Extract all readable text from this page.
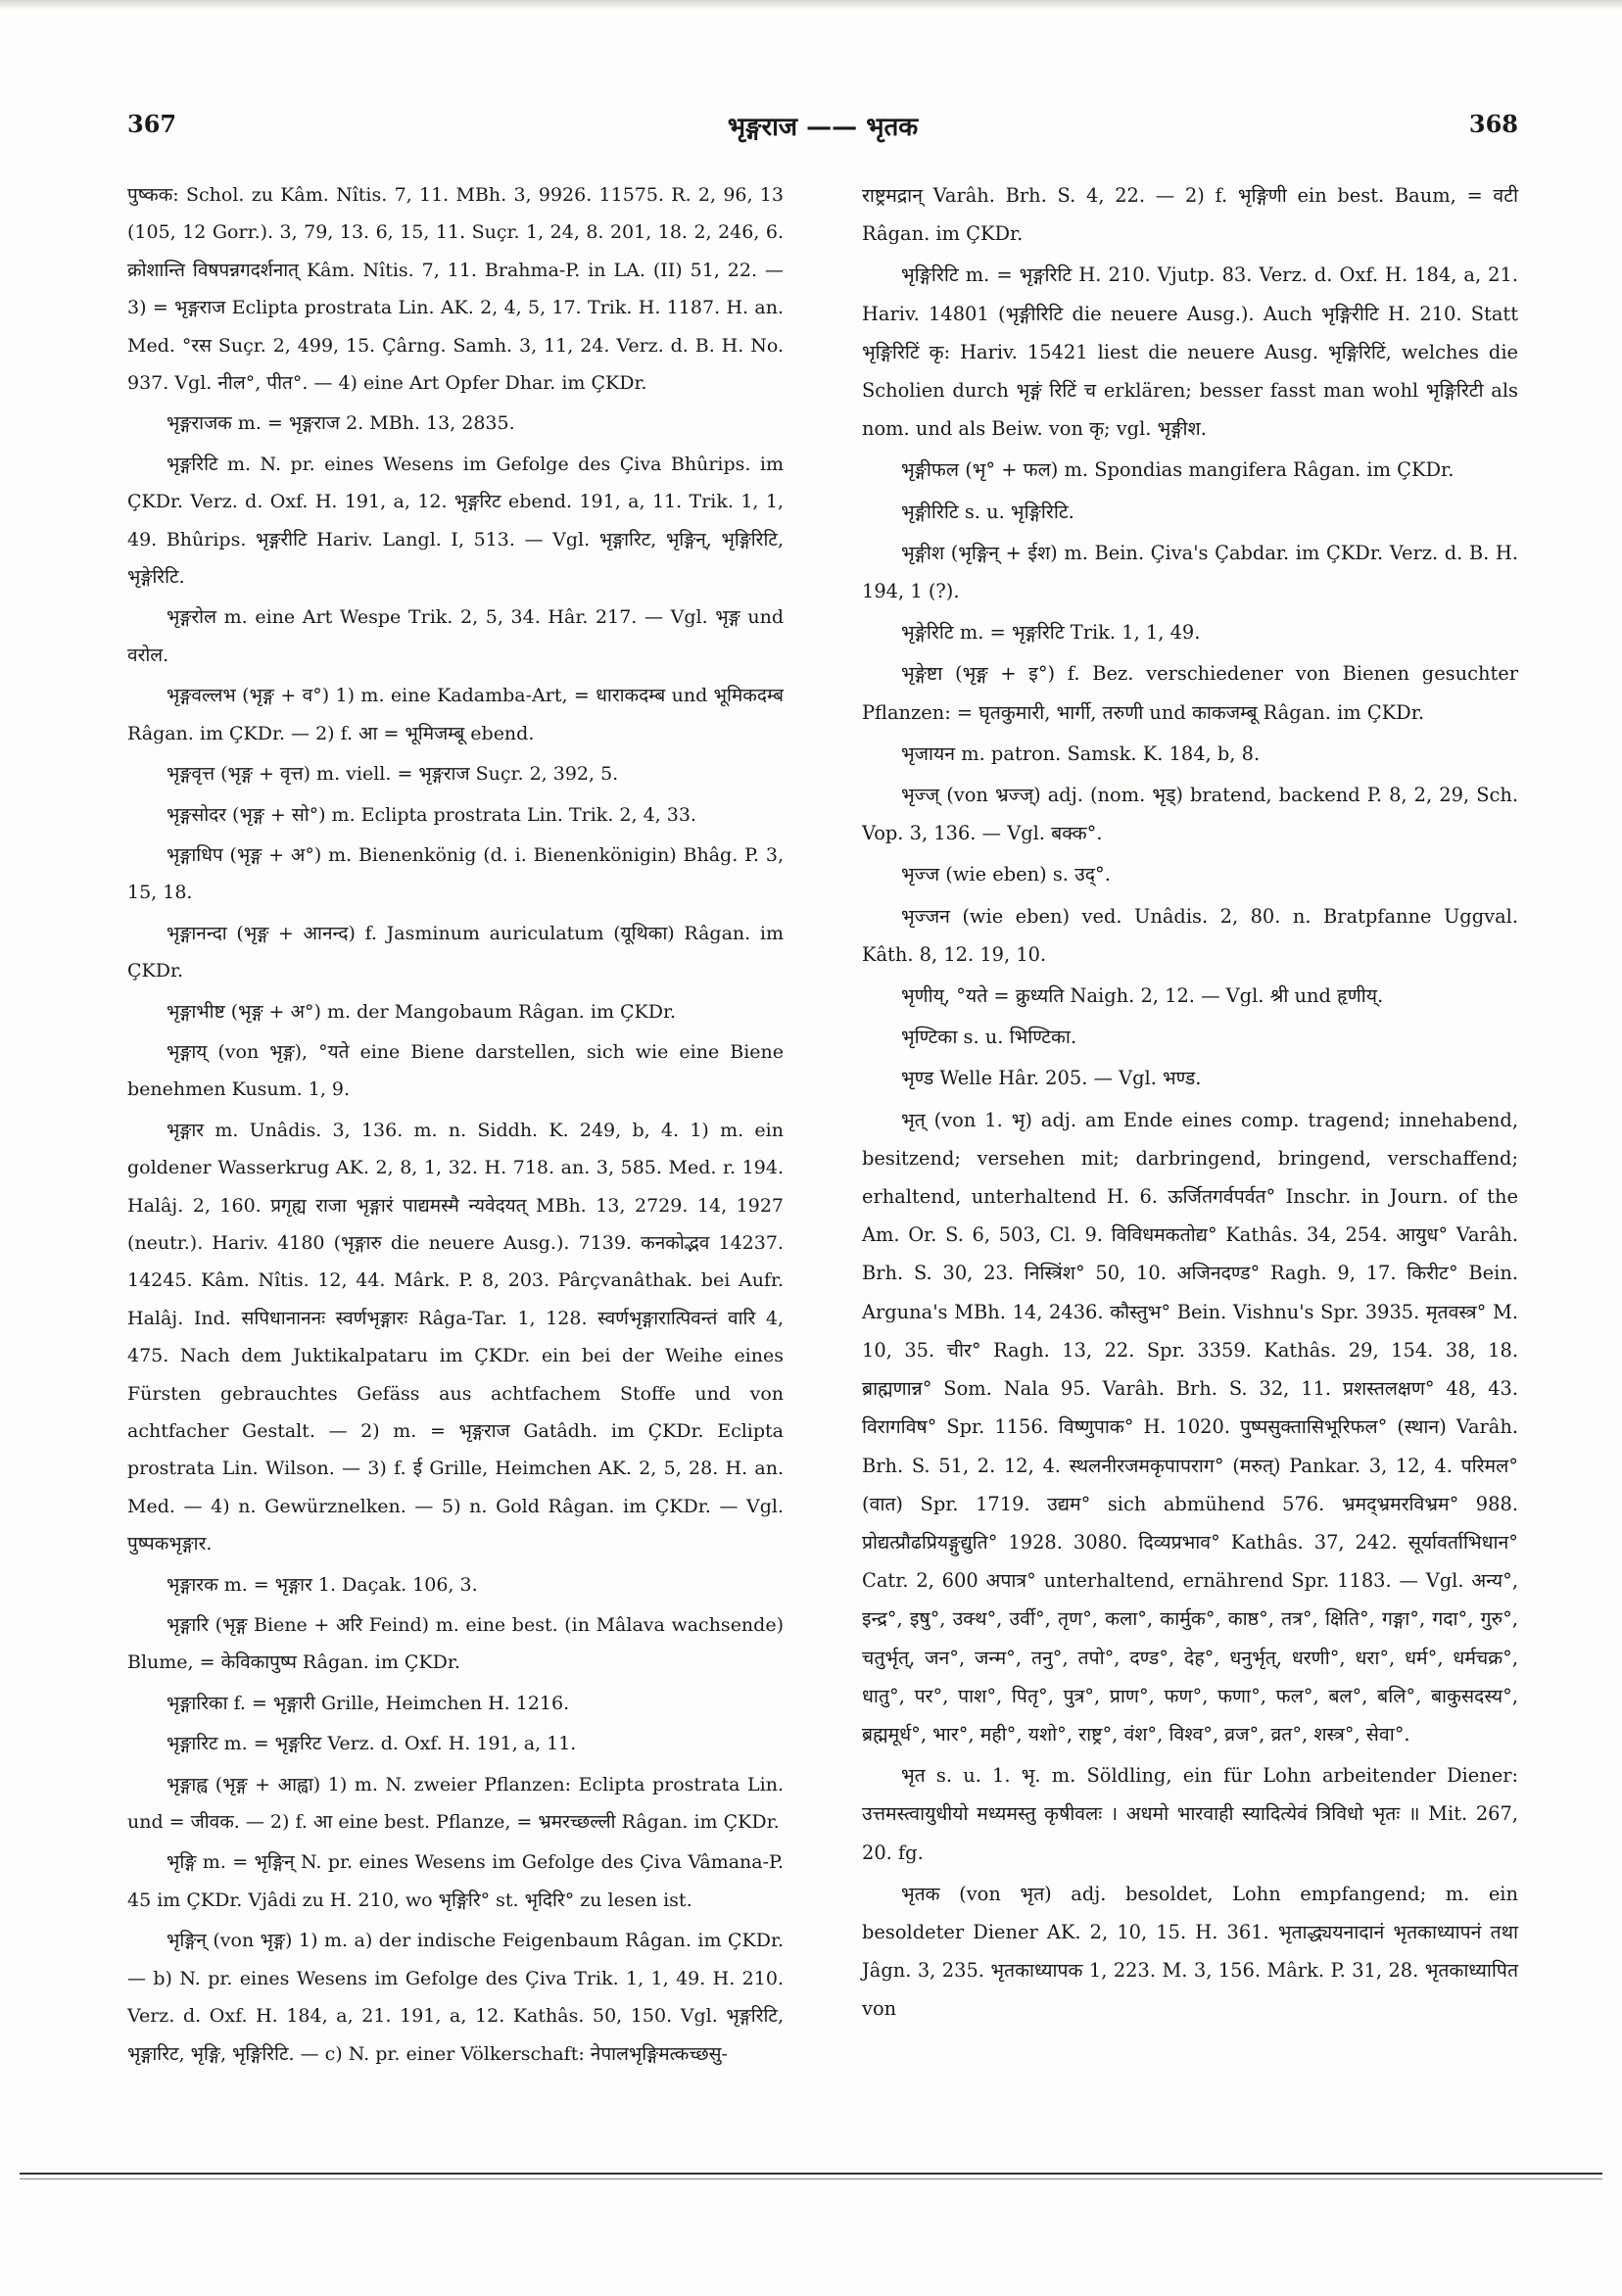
367	भृङ्गराज —— भृतक	368

पुष्कक: Schol. zu Kâm. Nîtis. 7, 11. MBh. 3, 9926. 11575. R. 2, 96, 13 (105, 12 Gorr.). 3, 79, 13. 6, 15, 11. Suçr. 1, 24, 8. 201, 18. 2, 246, 6. क्रोशान्ति विषपन्नगदर्शनात् Kâm. Nîtis. 7, 11. Brahma-P. in LA. (II) 51, 22. — 3) = भृङ्गराज Eclipta prostrata Lin. AK. 2, 4, 5, 17. Trik. H. 1187. H. an. Med. °रस Suçr. 2, 499, 15. Çârng. Samh. 3, 11, 24. Verz. d. B. H. No. 937. Vgl. नील°, पीत°. — 4) eine Art Opfer Dhar. im ÇKDr.

भृङ्गराजक m. = भृङ्गराज 2. MBh. 13, 2835.

भृङ्गरिटि m. N. pr. eines Wesens im Gefolge des Çiva Bhûrips. im ÇKDr. Verz. d. Oxf. H. 191, a, 12. भृङ्गरिट ebend. 191, a, 11. Trik. 1, 1, 49. Bhûrips. भृङ्गरीटि Hariv. Langl. I, 513. — Vgl. भृङ्गारिट, भृङ्गिन्, भृङ्गिरिटि, भृङ्गेरिटि.

भृङ्गरोल m. eine Art Wespe Trik. 2, 5, 34. Hâr. 217. — Vgl. भृङ्ग und वरोल.

भृङ्गवल्लभ (भृङ्ग + व°) 1) m. eine Kadamba-Art, = धाराकदम्ब und भूमिकदम्ब Râgan. im ÇKDr. — 2) f. आ = भूमिजम्बू ebend.

भृङ्गवृत्त (भृङ्ग + वृत्त) m. viell. = भृङ्गराज Suçr. 2, 392, 5.

भृङ्गसोदर (भृङ्ग + सो°) m. Eclipta prostrata Lin. Trik. 2, 4, 33.

भृङ्गाधिप (भृङ्ग + अ°) m. Bienenkönig (d. i. Bienenkönigin) Bhâg. P. 3, 15, 18.

भृङ्गानन्दा (भृङ्ग + आनन्द) f. Jasminum auriculatum (यूथिका) Râgan. im ÇKDr.

भृङ्गाभीष्ट (भृङ्ग + अ°) m. der Mangobaum Râgan. im ÇKDr.

भृङ्गाय् (von भृङ्ग), °यते eine Biene darstellen, sich wie eine Biene benehmen Kusum. 1, 9.

भृङ्गार m. Unâdis. 3, 136. m. n. Siddh. K. 249, b, 4. 1) m. ein goldener Wasserkrug AK. 2, 8, 1, 32. H. 718. an. 3, 585. Med. r. 194. Halâj. 2, 160. प्रगृह्य राजा भृङ्गारं पाद्यमस्मै न्यवेदयत् MBh. 13, 2729. 14, 1927 (neutr.). Hariv. 4180 (भृङ्गारु die neuere Ausg.). 7139. कनकोद्भव 14237. 14245. Kâm. Nîtis. 12, 44. Mârk. P. 8, 203. Pârçvanâthak. bei Aufr. Halâj. Ind. सपिधानाननः स्वर्णभृङ्गारः Râga-Tar. 1, 128. स्वर्णभृङ्गारात्पिवन्तं वारि 4, 475. Nach dem Juktikalpataru im ÇKDr. ein bei der Weihe eines Fürsten gebrauchtes Gefäss aus achtfachem Stoffe und von achtfacher Gestalt. — 2) m. = भृङ्गराज Gatâdh. im ÇKDr. Eclipta prostrata Lin. Wilson. — 3) f. ई Grille, Heimchen AK. 2, 5, 28. H. an. Med. — 4) n. Gewürznelken. — 5) n. Gold Râgan. im ÇKDr. — Vgl. पुष्पकभृङ्गार.

भृङ्गारक m. = भृङ्गार 1. Daçak. 106, 3.

भृङ्गारि (भृङ्ग Biene + अरि Feind) m. eine best. (in Mâlava wachsende) Blume, = केविकापुष्प Râgan. im ÇKDr.

भृङ्गारिका f. = भृङ्गारी Grille, Heimchen H. 1216.

भृङ्गारिट m. = भृङ्गरिट Verz. d. Oxf. H. 191, a, 11.

भृङ्गाह्व (भृङ्ग + आह्वा) 1) m. N. zweier Pflanzen: Eclipta prostrata Lin. und = जीवक. — 2) f. आ eine best. Pflanze, = भ्रमरच्छल्ली Râgan. im ÇKDr.

भृङ्गि m. = भृङ्गिन् N. pr. eines Wesens im Gefolge des Çiva Vâmana-P. 45 im ÇKDr. Vjâdi zu H. 210, wo भृङ्गिरि° st. भृदिरि° zu lesen ist.

भृङ्गिन् (von भृङ्ग) 1) m. a) der indische Feigenbaum Râgan. im ÇKDr. — b) N. pr. eines Wesens im Gefolge des Çiva Trik. 1, 1, 49. H. 210. Verz. d. Oxf. H. 184, a, 21. 191, a, 12. Kathâs. 50, 150. Vgl. भृङ्गरिटि, भृङ्गारिट, भृङ्गि, भृङ्गिरिटि. — c) N. pr. einer Völkerschaft: नेपालभृङ्गिमत्कच्छसु-

राष्ट्रमद्रान् Varâh. Brh. S. 4, 22. — 2) f. भृङ्गिणी ein best. Baum, = वटी Râgan. im ÇKDr.

भृङ्गिरिटि m. = भृङ्गरिटि H. 210. Vjutp. 83. Verz. d. Oxf. H. 184, a, 21. Hariv. 14801 (भृङ्गीरिटि die neuere Ausg.). Auch भृङ्गिरीटि H. 210. Statt भृङ्गिरिटिं कृ: Hariv. 15421 liest die neuere Ausg. भृङ्गिरिटिं, welches die Scholien durch भृङ्गं रिटिं च erklären; besser fasst man wohl भृङ्गिरिटी als nom. und als Beiw. von कृ; vgl. भृङ्गीश.

भृङ्गीफल (भृ° + फल) m. Spondias mangifera Râgan. im ÇKDr.

भृङ्गीरिटि s. u. भृङ्गिरिटि.

भृङ्गीश (भृङ्गिन् + ईश) m. Bein. Çiva's Çabdar. im ÇKDr. Verz. d. B. H. 194, 1 (?).

भृङ्गेरिटि m. = भृङ्गरिटि Trik. 1, 1, 49.

भृङ्गेष्टा (भृङ्ग + इ°) f. Bez. verschiedener von Bienen gesuchter Pflanzen: = घृतकुमारी, भार्गी, तरुणी und काकजम्बू Râgan. im ÇKDr.

भृजायन m. patron. Samsk. K. 184, b, 8.

भृज्ज् (von भ्रज्ज्) adj. (nom. भृड्) bratend, backend P. 8, 2, 29, Sch. Vop. 3, 136. — Vgl. बक्क°.

भृज्ज (wie eben) s. उद्°.

भृज्जन (wie eben) ved. Unâdis. 2, 80. n. Bratpfanne Uggval. Kâth. 8, 12. 19, 10.

भृणीय्, °यते = क्रुध्यति Naigh. 2, 12. — Vgl. श्री und हृणीय्.

भृण्टिका s. u. भिण्टिका.

भृण्ड Welle Hâr. 205. — Vgl. भण्ड.

भृत् (von 1. भृ) adj. am Ende eines comp. tragend; innehabend, besitzend; versehen mit; darbringend, bringend, verschaffend; erhaltend, unterhaltend H. 6. ऊर्जितगर्वपर्वत° Inschr. in Journ. of the Am. Or. S. 6, 503, Cl. 9. विविधमकतोद्य° Kathâs. 34, 254. आयुध° Varâh. Brh. S. 30, 23. निस्त्रिंश° 50, 10. अजिनदण्ड° Ragh. 9, 17. किरीट° Bein. Arguna's MBh. 14, 2436. कौस्तुभ° Bein. Vishnu's Spr. 3935. मृतवस्त्र° M. 10, 35. चीर° Ragh. 13, 22. Spr. 3359. Kathâs. 29, 154. 38, 18. ब्राह्मणान्न° Som. Nala 95. Varâh. Brh. S. 32, 11. प्रशस्तलक्षण° 48, 43. विरागविष° Spr. 1156. विष्णुपाक° H. 1020. पुष्पसुक्तासिभूरिफल° (स्थान) Varâh. Brh. S. 51, 2. 12, 4. स्थलनीरजमकृपापराग° (मरुत्) Pankar. 3, 12, 4. परिमल° (वात) Spr. 1719. उद्यम° sich abmühend 576. भ्रमद्भ्रमरविभ्रम° 988. प्रोद्यत्प्रौढप्रियङ्गुद्युति° 1928. 3080. दिव्यप्रभाव° Kathâs. 37, 242. सूर्यावर्ताभिधान° Catr. 2, 600 अपात्र° unterhaltend, ernährend Spr. 1183. — Vgl. अन्य°, इन्द्र°, इषु°, उक्थ°, उर्वी°, तृण°, कला°, कार्मुक°, काष्ठ°, तत्र°, क्षिति°, गङ्गा°, गदा°, गुरु°, चतुर्भृत्, जन°, जन्म°, तनु°, तपो°, दण्ड°, देह°, धनुर्भृत्, धरणी°, धरा°, धर्म°, धर्मचक्र°, धातु°, पर°, पाश°, पितृ°, पुत्र°, प्राण°, फण°, फणा°, फल°, बल°, बलि°, बाकुसदस्य°, ब्रह्ममूर्ध°, भार°, मही°, यशो°, राष्ट्र°, वंश°, विश्व°, व्रज°, व्रत°, शस्त्र°, सेवा°.

भृत s. u. 1. भृ. m. Söldling, ein für Lohn arbeitender Diener: उत्तमस्त्वायुधीयो मध्यमस्तु कृषीवलः । अधमो भारवाही स्यादित्येवं त्रिविधो भृतः ॥ Mit. 267, 20. fg.

भृतक (von भृत) adj. besoldet, Lohn empfangend; m. ein besoldeter Diener AK. 2, 10, 15. H. 361. भृताद्ध्ययनादानं भृतकाध्यापनं तथा Jâgn. 3, 235. भृतकाध्यापक 1, 223. M. 3, 156. Mârk. P. 31, 28. भृतकाध्यापित von
